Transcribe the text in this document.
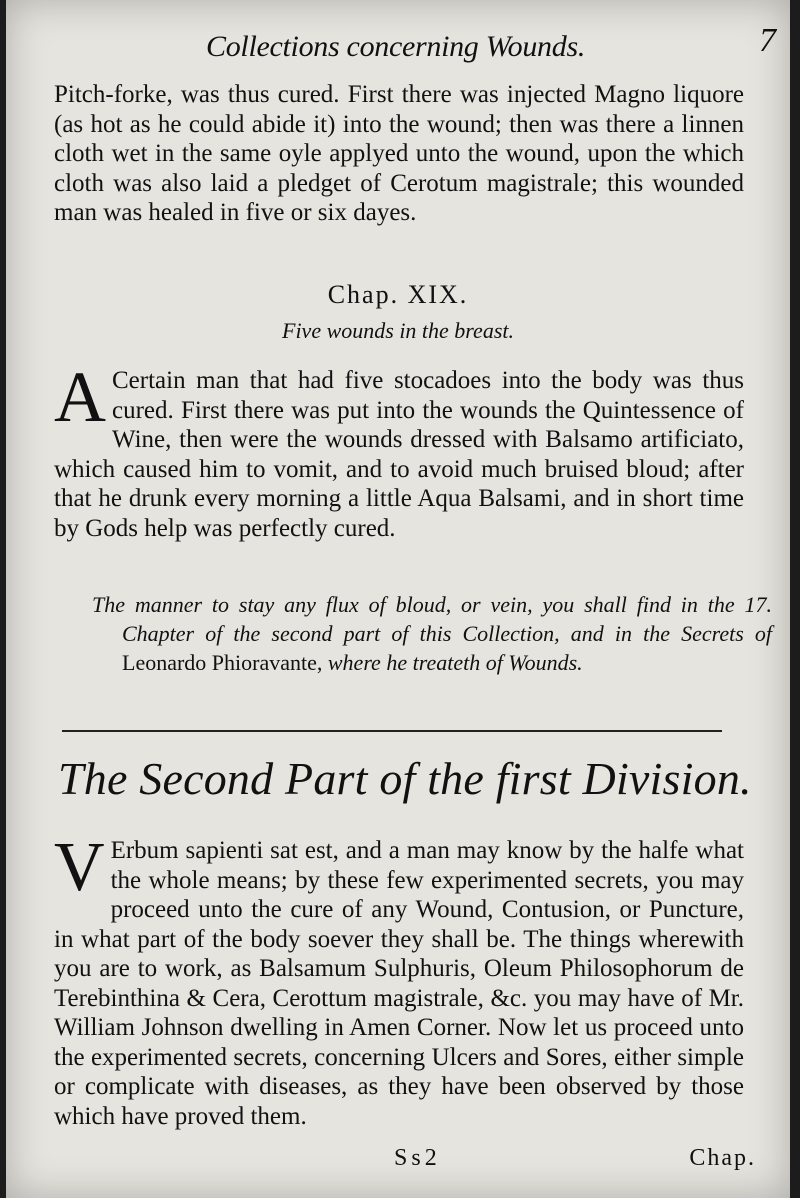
Collections concerning Wounds.	7

Pitch-forke, was thus cured. First there was injected Magno liquore (as hot as he could abide it) into the wound; then was there a linnen cloth wet in the same oyle applyed unto the wound, upon the which cloth was also laid a pledget of Cerotum magistrale; this wounded man was healed in five or six dayes.

Chap. XIX.
Five wounds in the breast.

A Certain man that had five stocadoes into the body was thus cured. First there was put into the wounds the Quintessence of Wine, then were the wounds dressed with Balsamo artificiato, which caused him to vomit, and to avoid much bruised bloud; after that he drunk every morning a little Aqua Balsami, and in short time by Gods help was perfectly cured.

The manner to stay any flux of bloud, or vein, you shall find in the 17. Chapter of the second part of this Collection, and in the Secrets of Leonardo Phioravante, where he treateth of Wounds.

The Second Part of the first Division.

V Erbum sapienti sat est, and a man may know by the halfe what the whole means; by these few experimented secrets, you may proceed unto the cure of any Wound, Contusion, or Puncture, in what part of the body soever they shall be. The things wherewith you are to work, as Balsamum Sulphuris, Oleum Philosophorum de Terebinthina & Cera, Cerottum magistrale, &c. you may have of Mr. William Johnson dwelling in Amen Corner. Now let us proceed unto the experimented secrets, concerning Ulcers and Sores, either simple or complicate with diseases, as they have been observed by those which have proved them.

Ss2	Chap.
